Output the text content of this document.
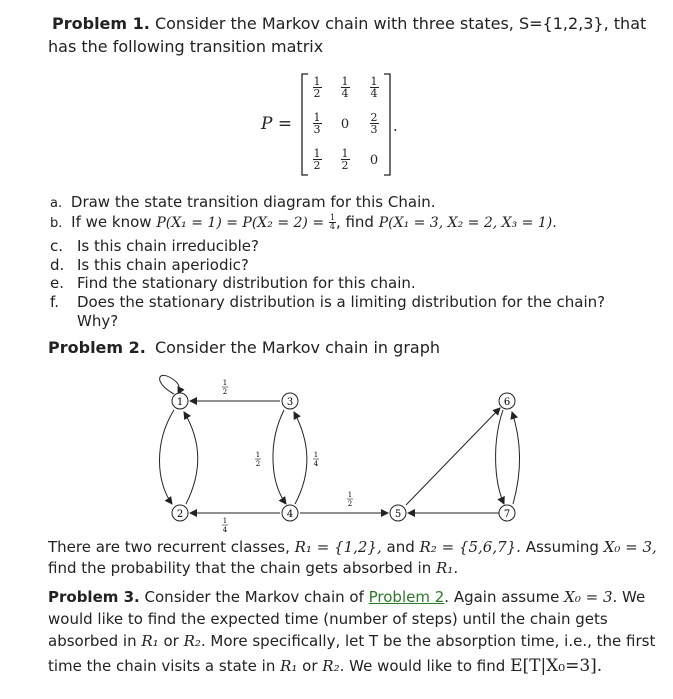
Problem 1. Consider the Markov chain with three states, S={1,2,3}, that
has the following transition matrix
P =	.
$\frac{1}{2} \frac{1}{4} \frac{1}{4}$
$\frac{1}{3}$	0	$\frac{2}{3}$
$\frac{1}{2} \frac{1}{2}$	0
a. Draw the state transition diagram for this Chain.
b. If we know $P(X_1 = 1) = P(X_2 = 2) = \frac{1}{4}$ , find P(X₁ = 3, X₂ = 2, X₃ = 1).
c. Is this chain irreducible?
d. Is this chain aperiodic?
e. Find the stationary distribution for this chain.
f. Does the stationary distribution is a limiting distribution for the chain?
Why?
Problem 2. Consider the Markov chain in graph
1
2
3
4	5
6
7
1
2
1
2
1
4
1
4
1
2
There are two recurrent classes, R₁ = {1,2}, and R₂ = {5,6,7}. Assuming X₀ = 3,
find the probability that the chain gets absorbed in R₁.
Problem 3. Consider the Markov chain of Problem 2. Again assume X₀ = 3. We
would like to find the expected time (number of steps) until the chain gets
absorbed in R₁ or R₂. More specifically, let T be the absorption time, i.e., the first
time the chain visits a state in R₁ or R₂. We would like to find E[T|X₀=3].
